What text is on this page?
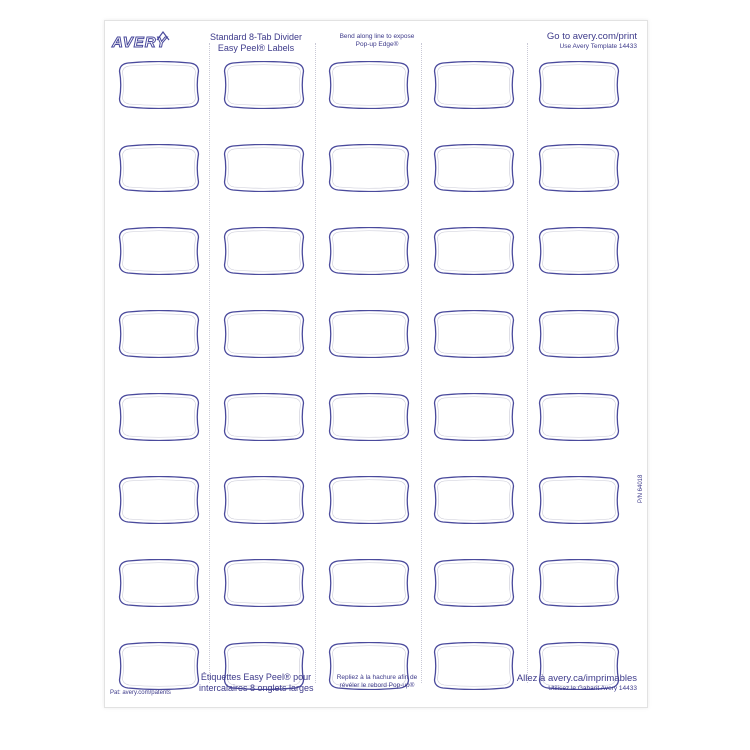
AVERY	Standard 8-Tab Divider
Easy Peel® Labels
Bend along line to expose
Pop-up Edge®
Go to avery.com/print
Use Avery Template 14433
P/N 64018
Pat: avery.com/patents
Étiquettes Easy Peel® pour
intercalaires 8 onglets larges
Repliez à la hachure afin de
révéler le rebord Pop-up®
Allez à avery.ca/imprimables
Utilisez le Gabarit Avery 14433
